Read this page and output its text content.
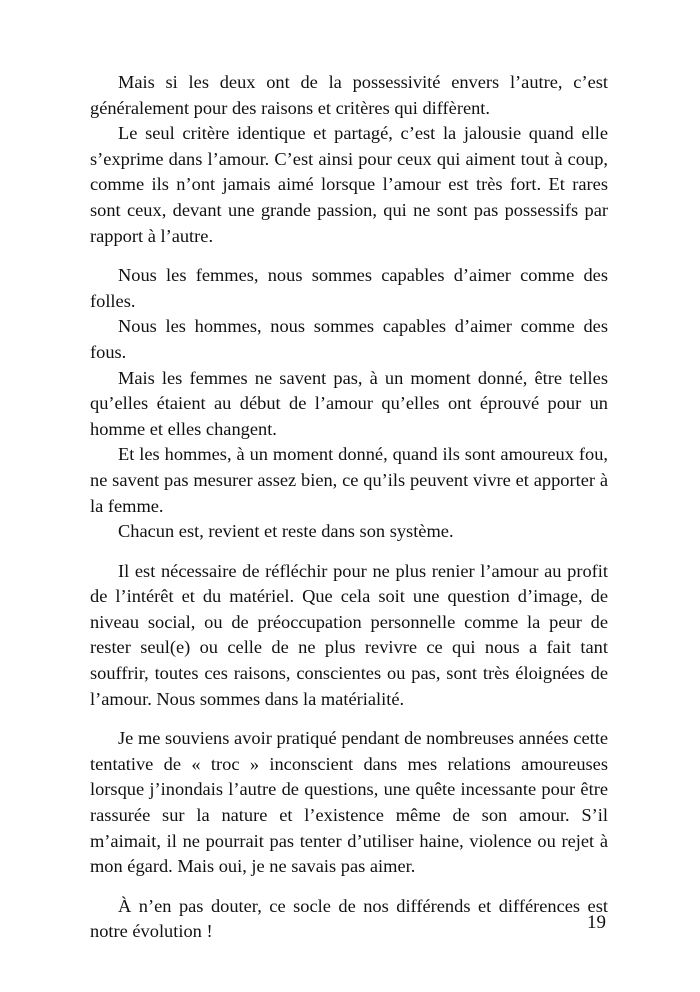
Mais si les deux ont de la possessivité envers l’autre, c’est généralement pour des raisons et critères qui diffèrent.

Le seul critère identique et partagé, c’est la jalousie quand elle s’exprime dans l’amour. C’est ainsi pour ceux qui aiment tout à coup, comme ils n’ont jamais aimé lorsque l’amour est très fort. Et rares sont ceux, devant une grande passion, qui ne sont pas possessifs par rapport à l’autre.

Nous les femmes, nous sommes capables d’aimer comme des folles.

Nous les hommes, nous sommes capables d’aimer comme des fous.

Mais les femmes ne savent pas, à un moment donné, être telles qu’elles étaient au début de l’amour qu’elles ont éprouvé pour un homme et elles changent.

Et les hommes, à un moment donné, quand ils sont amoureux fou, ne savent pas mesurer assez bien, ce qu’ils peuvent vivre et apporter à la femme.

Chacun est, revient et reste dans son système.

Il est nécessaire de réfléchir pour ne plus renier l’amour au profit de l’intérêt et du matériel. Que cela soit une question d’image, de niveau social, ou de préoccupation personnelle comme la peur de rester seul(e) ou celle de ne plus revivre ce qui nous a fait tant souffrir, toutes ces raisons, conscientes ou pas, sont très éloignées de l’amour. Nous sommes dans la matérialité.

Je me souviens avoir pratiqué pendant de nombreuses années cette tentative de « troc » inconscient dans mes relations amoureuses lorsque j’inondais l’autre de questions, une quête incessante pour être rassurée sur la nature et l’existence même de son amour. S’il m’aimait, il ne pourrait pas tenter d’utiliser haine, violence ou rejet à mon égard. Mais oui, je ne savais pas aimer.

À n’en pas douter, ce socle de nos différends et différences est notre évolution !	19
